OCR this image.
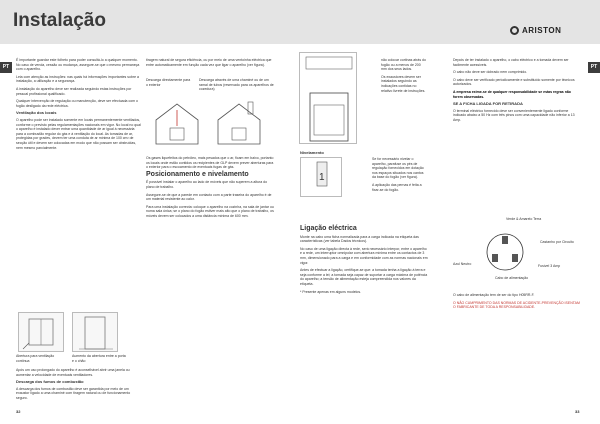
Instalação	ARISTON
PT	PT

É importante guardar este folheto para poder consultá-lo a qualquer momento. No caso de venda, cessão ou mudança, assegure-se que o mesmo permaneça com o aparelho.

Leia com atenção as instruções: nas quais há informações importantes sobre a instalação, a utilização e a segurança.

A instalação do aparelho deve ser realizada seguindo estas instruções por pessoal profissional qualificado.

Qualquer intervenção de regulação ou manutenção, deve ser efectuada com o fogão desligado da rede eléctrica.

Ventilação dos locais

O aparelho pode ser instalado somente em locais permanentemente ventilados, conforme o previsto pelas regulamentações nacionais em vigor. No local no qual o aparelho é instalado dever entrar uma quantidade de ar igual à necessária para a combustão regular do gás e à ventilação do local. As tomadas de ar, protegidas por grades, devem ter uma conduta de ar mínima de 100 cm² de secção útil e devem ser colocadas em modo que não possam ser obstruídas, nem mesmo parcialmente.

Abertura para ventilação contínua
Aumento da abertura entre a porta e o chão

Após um uso prolongado do aparelho é aconselhável abrir uma janela ou aumentar a velocidade de eventuais ventiladores.

Descarga dos fumos de combustão

A descarga dos fumos de combustão deve ser garantida por meio de um exaustor ligado a uma chaminé com tiragem natural ou de funcionamento seguro.

tiragem natural de segura eficiência, ou por meio de uma ventoinha eléctrica que entre automaticamente em função cada vez que ligar o aparelho (ver figura).

Descarga directamente para o exterior
Descarga através de uma chaminé ou de um ramal de tubos (reservado para os aparelhos de cozedura)

Os gases liquefeitos do petróleo, mais pesados que o ar, ficam em baixo, portanto os locais onde estão contidos os recipientes de GLP devem prever aberturas para o exterior para o escoamento de eventuais fugas de gás.

Posicionamento e nivelamento

É possível instalar o aparelho ao lado de móveis que não superem a altura do plano de trabalho.

Assegure-se de que a parede em contacto com a parte traseira do aparelho é de um material resistente ao calor.

Para uma instalação correcta: coloque o aparelho na cozinha, na sala de jantar ou numa sala única; se o plano do fogão estiver mais alto que o plano de trabalho, os móveis devem ser colocados a uma distância mínima de 600 mm.

não colocar cortinas atrás do fogão ou a menos de 200 mm dos seus lados.

Os exaustores devem ser instalados seguindo as indicações contidas no relativo livrete de instruções.

Nivelamento
1

Se for necessário nivelar o aparelho, parafuse os pés de regulação fornecidos em dotação nos espaços situados nos cantos da base do fogão (ver figura).

A aplicação das pernas é feita a fixar-se do fogão.

Ligação eléctrica

Monte na cabo uma ficha normalizada para a carga indicada na etiqueta das características (ver tabela Dados técnicos).

No caso de uma ligação directa à rede, será necessário interpor, entre o aparelho e a rede, um interruptor omnipolar com abertura mínima entre os contactos de 3 mm, dimensionado para a carga e em conformidade com as normas nacionais em vigor.

Antes de efectuar a ligação, certifique-se que: a tomada tenha a ligação à terra e seja conforme a lei; a tomada seja capaz de suportar a carga máxima de potência do aparelho; a tensão de alimentação esteja compreendida nos valores da etiqueta.

* Presente apenas em alguns modelos.

Depois de ter instalado o aparelho, o cabo eléctrico e a tomada devem ser facilmente acessíveis.

O cabo não deve ser dobrado nem comprimido.

O cabo deve ser verificado periodicamente e substituído somente por técnicos autorizados.

A empresa exime-se de qualquer responsabilidade se estas regras não forem observadas.

SE A FICHA LIGADA FOR RETIRADA

O terminal eléctrico fornecido deve ser convenientemente ligado conforme indicado abaixo a 50 Hz com três pinos com uma capacidade não inferior a 13 Amp.

Verde & Amarelo Terra
Castanho por Circuito
Azul Neutro	Fusível 3 Amp
Cabo de alimentação

O cabo de alimentação tem de ser do tipo H05RR-F.

O NÃO CUMPRIMENTO DAS NORMAS DE ACIDENTE-PREVENÇÃO ISENTAM O FABRICANTE DE TODA A RESPONSABILIDADE.

32	33
